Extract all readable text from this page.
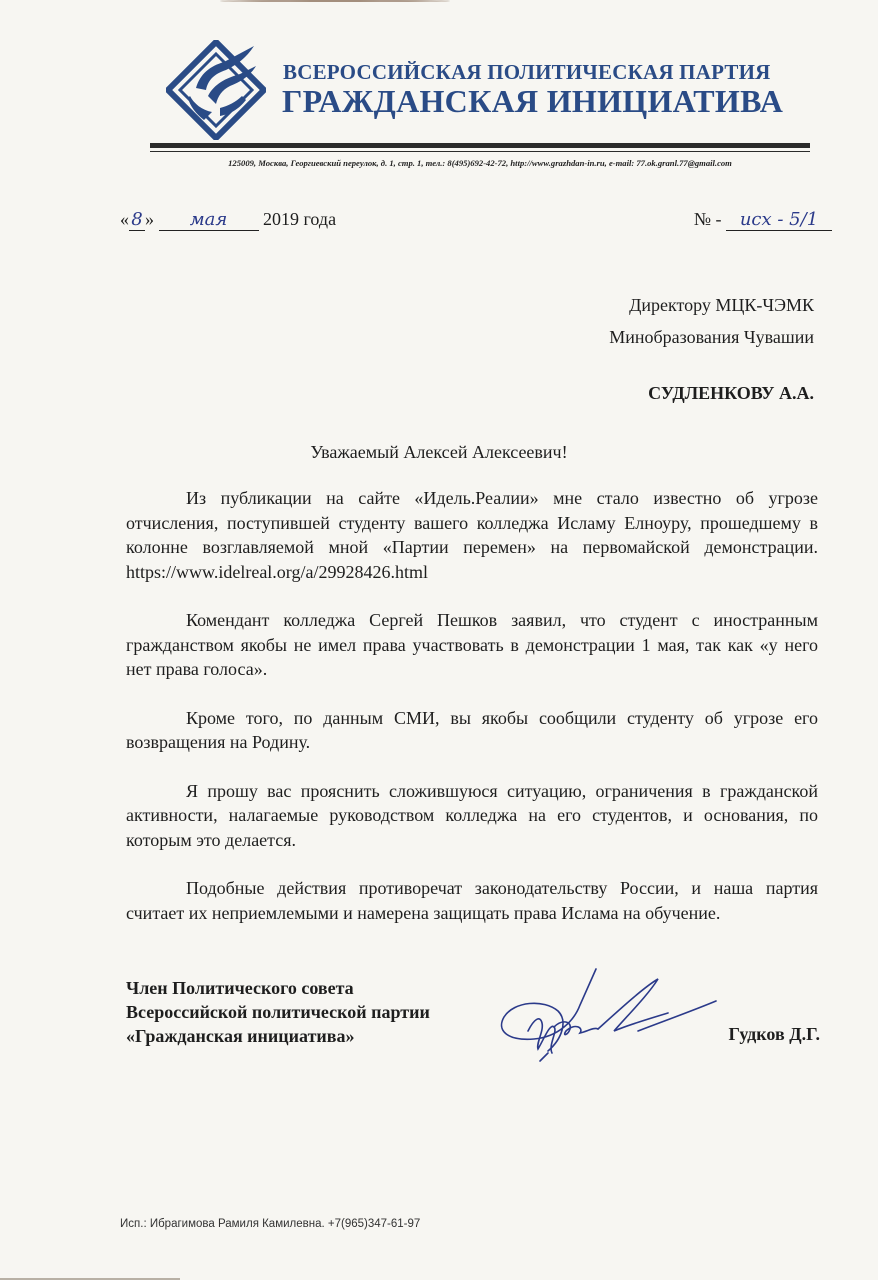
ВСЕРОССИЙСКАЯ ПОЛИТИЧЕСКАЯ ПАРТИЯ
ГРАЖДАНСКАЯ ИНИЦИАТИВА
125009, Москва, Георгиевский переулок, д. 1, стр. 1, тел.: 8(495)692-42-72, http://www.grazhdan-in.ru, e-mail: 77.ok.granl.77@gmail.com
« 8 » мая 2019 года	№ - исх - 5/1
Директору МЦК-ЧЭМК
Минобразования Чувашии
СУДЛЕНКОВУ А.А.
Уважаемый Алексей Алексеевич!

Из публикации на сайте «Идель.Реалии» мне стало известно об угрозе отчисления, поступившей студенту вашего колледжа Исламу Елноуру, прошедшему в колонне возглавляемой мной «Партии перемен» на первомайской демонстрации. https://www.idelreal.org/a/29928426.html

Комендант колледжа Сергей Пешков заявил, что студент с иностранным гражданством якобы не имел права участвовать в демонстрации 1 мая, так как «у него нет права голоса».

Кроме того, по данным СМИ, вы якобы сообщили студенту об угрозе его возвращения на Родину.

Я прошу вас прояснить сложившуюся ситуацию, ограничения в гражданской активности, налагаемые руководством колледжа на его студентов, и основания, по которым это делается.

Подобные действия противоречат законодательству России, и наша партия считает их неприемлемыми и намерена защищать права Ислама на обучение.

Член Политического совета
Всероссийской политической партии
«Гражданская инициатива»	Гудков Д.Г.
Исп.: Ибрагимова Рамиля Камилевна. +7(965)347-61-97
